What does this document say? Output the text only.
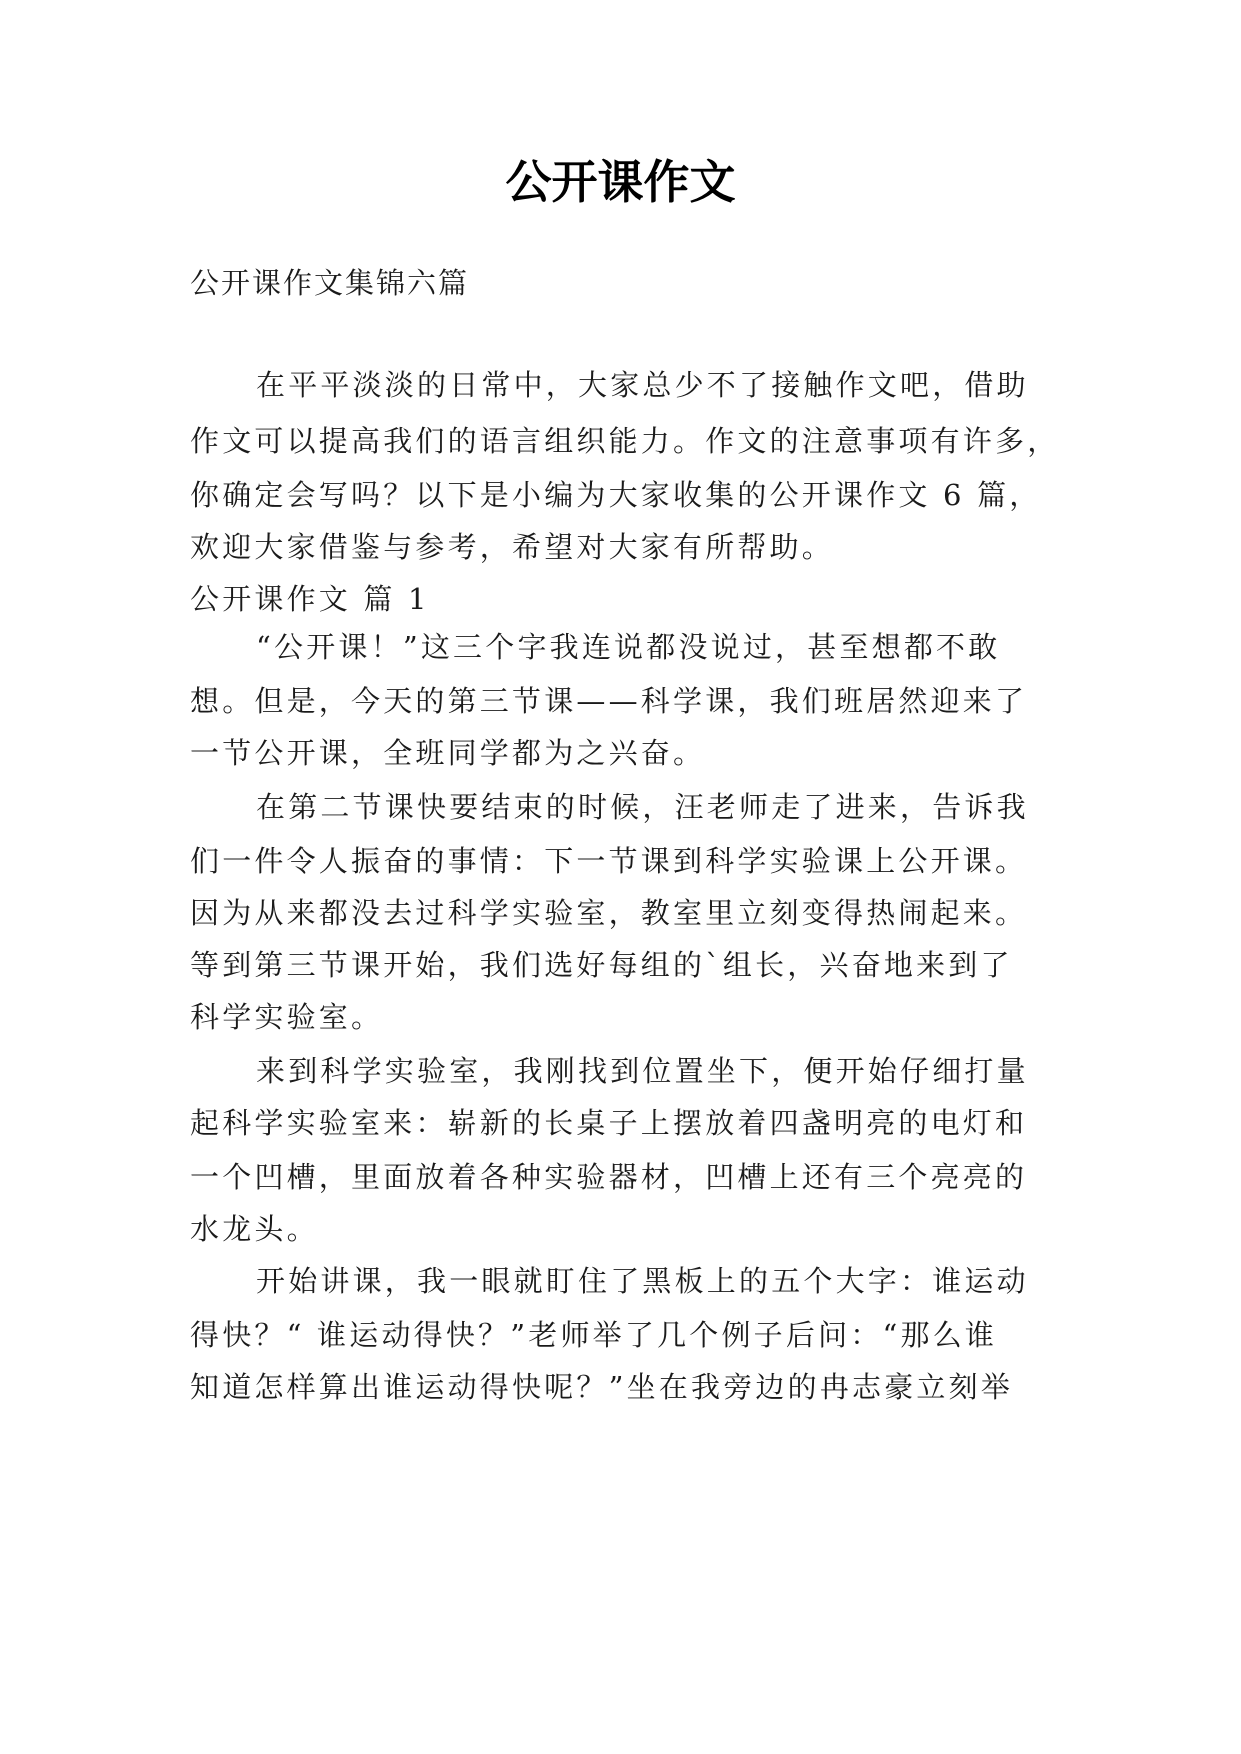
公开课作文

公开课作文集锦六篇

在平平淡淡的日常中，大家总少不了接触作文吧，借助

作文可以提高我们的语言组织能力。作文的注意事项有许多，

你确定会写吗？以下是小编为大家收集的公开课作文 6 篇，

欢迎大家借鉴与参考，希望对大家有所帮助。

公开课作文 篇 1

“公开课！”这三个字我连说都没说过，甚至想都不敢

想。但是，今天的第三节课——科学课，我们班居然迎来了

一节公开课，全班同学都为之兴奋。

在第二节课快要结束的时候，汪老师走了进来，告诉我

们一件令人振奋的事情：下一节课到科学实验课上公开课。

因为从来都没去过科学实验室，教室里立刻变得热闹起来。

等到第三节课开始，我们选好每组的`组长，兴奋地来到了

科学实验室。

来到科学实验室，我刚找到位置坐下，便开始仔细打量

起科学实验室来：崭新的长桌子上摆放着四盏明亮的电灯和

一个凹槽，里面放着各种实验器材，凹槽上还有三个亮亮的

水龙头。

开始讲课，我一眼就盯住了黑板上的五个大字：谁运动

得快？“ 谁运动得快？”老师举了几个例子后问：“那么谁

知道怎样算出谁运动得快呢？”坐在我旁边的冉志豪立刻举
